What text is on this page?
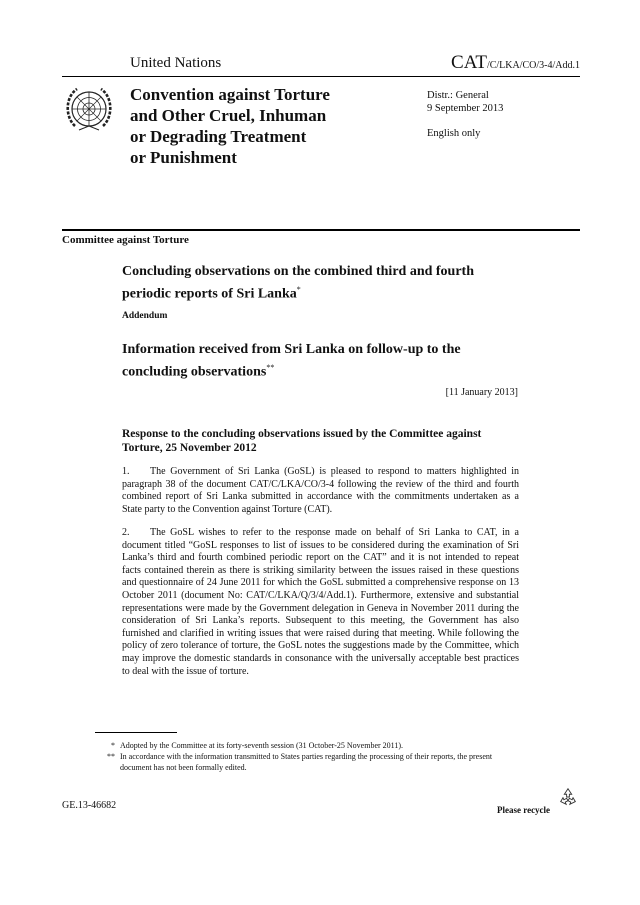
United Nations	CAT/C/LKA/CO/3-4/Add.1
Convention against Torture
and Other Cruel, Inhuman
or Degrading Treatment
or Punishment

Distr.: General

9 September 2013

English only
Committee against Torture
Concluding observations on the combined third and fourth periodic reports of Sri Lanka*
Addendum
Information received from Sri Lanka on follow-up to the concluding observations**
[11 January 2013]
Response to the concluding observations issued by the Committee against Torture, 25 November 2012
1. The Government of Sri Lanka (GoSL) is pleased to respond to matters highlighted in paragraph 38 of the document CAT/C/LKA/CO/3-4 following the review of the third and fourth combined report of Sri Lanka submitted in accordance with the commitments undertaken as a State party to the Convention against Torture (CAT).
2. The GoSL wishes to refer to the response made on behalf of Sri Lanka to CAT, in a document titled “GoSL responses to list of issues to be considered during the examination of Sri Lanka’s third and fourth combined periodic report on the CAT” and it is not intended to repeat facts contained therein as there is striking similarity between the issues raised in these questions and questionnaire of 24 June 2011 for which the GoSL submitted a comprehensive response on 13 October 2011 (document No: CAT/C/LKA/Q/3/4/Add.1). Furthermore, extensive and substantial representations were made by the Government delegation in Geneva in November 2011 during the consideration of Sri Lanka’s reports. Subsequent to this meeting, the Government has also furnished and clarified in writing issues that were raised during that meeting. While following the policy of zero tolerance of torture, the GoSL notes the suggestions made by the Committee, which may improve the domestic standards in consonance with the universally acceptable best practices to deal with the issue of torture.
* Adopted by the Committee at its forty-seventh session (31 October-25 November 2011).
** In accordance with the information transmitted to States parties regarding the processing of their reports, the present document has not been formally edited.
GE.13-46682	Please recycle
